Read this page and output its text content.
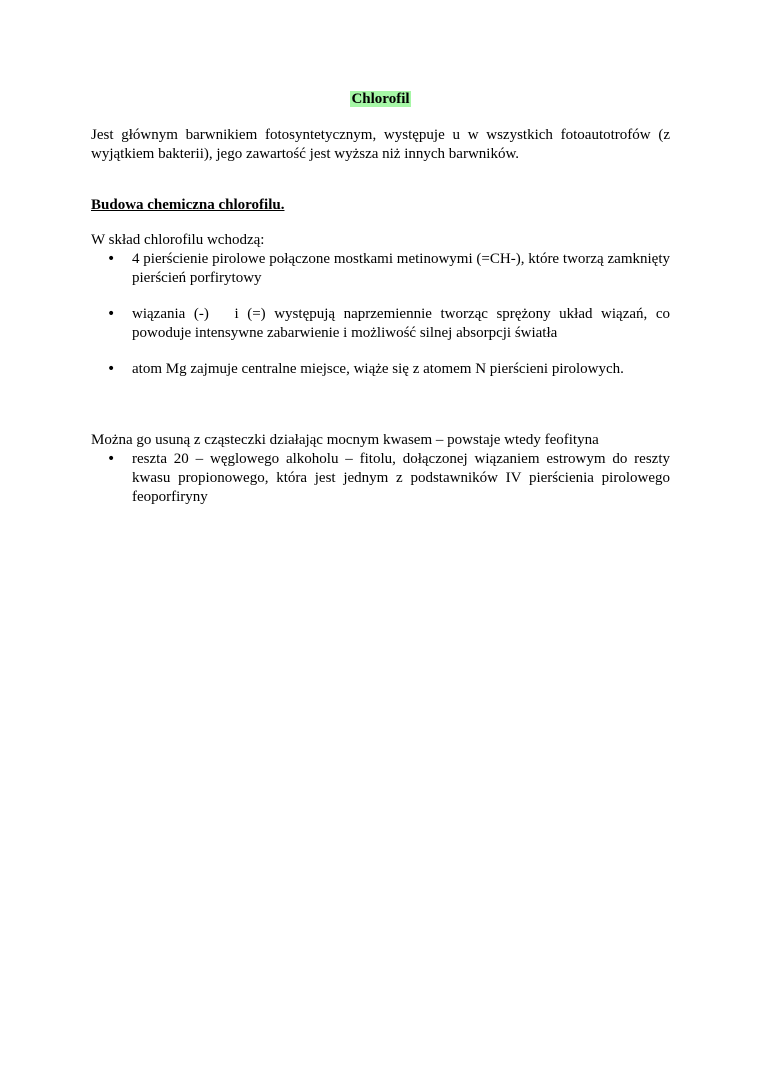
Chlorofil

Jest głównym barwnikiem fotosyntetycznym, występuje u w wszystkich fotoautotrofów (z wyjątkiem bakterii), jego zawartość jest wyższa niż innych barwników.

Budowa chemiczna chlorofilu.

W skład chlorofilu wchodzą:

• 4 pierścienie pirolowe połączone mostkami metinowymi (=CH-), które tworzą zamknięty pierścień porfirytowy
• wiązania (-)   i (=) występują naprzemiennie tworząc sprężony układ wiązań, co powoduje intensywne zabarwienie i możliwość silnej absorpcji światła
• atom Mg zajmuje centralne miejsce, wiąże się z atomem N pierścieni pirolowych.

Można go usuną z cząsteczki działając mocnym kwasem – powstaje wtedy feofityna

• reszta 20 – węglowego alkoholu – fitolu, dołączonej wiązaniem estrowym do reszty kwasu propionowego, która jest jednym z podstawników IV pierścienia pirolowego feoporfiryny
